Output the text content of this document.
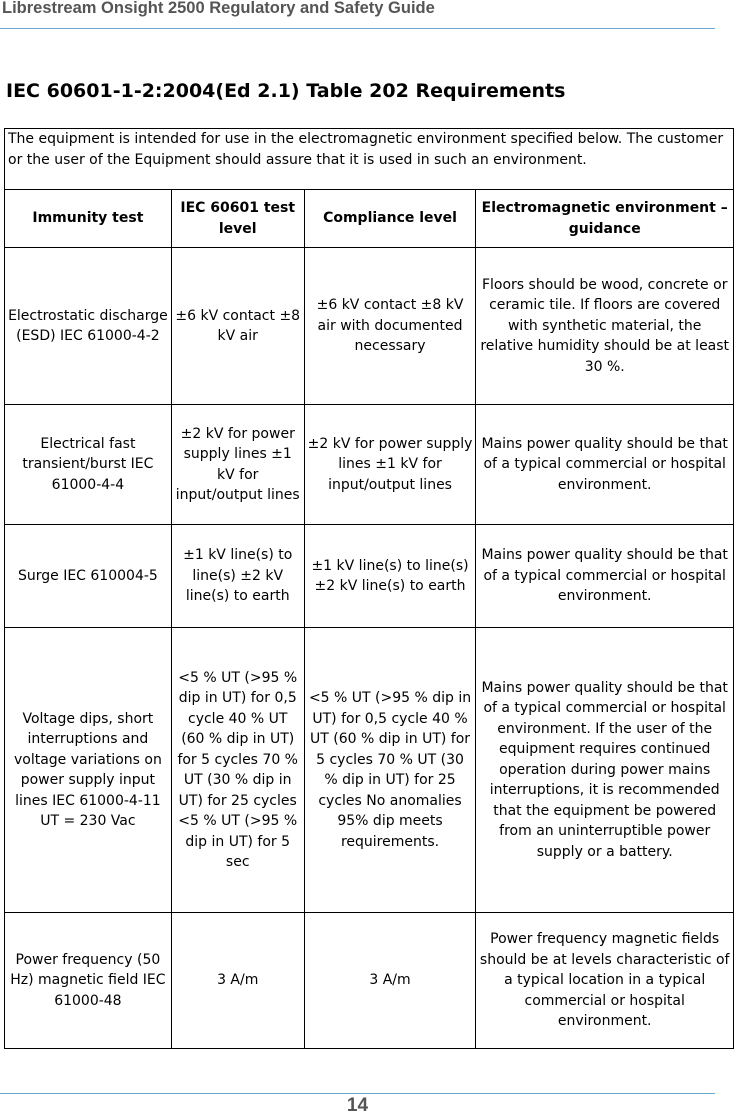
Librestream Onsight 2500 Regulatory and Safety Guide
IEC 60601-1-2:2004(Ed 2.1) Table 202 Requirements
The equipment is intended for use in the electromagnetic environment specified below. The customer or the user of the Equipment should assure that it is used in such an environment.			
Immunity test	IEC 60601 test level	Compliance level	Electromagnetic environment – guidance
Electrostatic discharge (ESD) IEC 61000-4-2	±6 kV contact ±8 kV air	±6 kV contact ±8 kV air with documented necessary	Floors should be wood, concrete or ceramic tile. If floors are covered with synthetic material, the relative humidity should be at least 30 %.
Electrical fast transient/burst IEC 61000-4-4	±2 kV for power supply lines ±1 kV for input/output lines	±2 kV for power supply lines ±1 kV for input/output lines	Mains power quality should be that of a typical commercial or hospital environment.
Surge IEC 610004-5	±1 kV line(s) to line(s) ±2 kV line(s) to earth	±1 kV line(s) to line(s) ±2 kV line(s) to earth	Mains power quality should be that of a typical commercial or hospital environment.
Voltage dips, short interruptions and voltage variations on power supply input lines IEC 61000-4-11 UT = 230 Vac	<5 % UT (>95 % dip in UT) for 0,5 cycle 40 % UT (60 % dip in UT) for 5 cycles 70 % UT (30 % dip in UT) for 25 cycles <5 % UT (>95 % dip in UT) for 5 sec	<5 % UT (>95 % dip in UT) for 0,5 cycle 40 % UT (60 % dip in UT) for 5 cycles 70 % UT (30 % dip in UT) for 25 cycles No anomalies 95% dip meets requirements.	Mains power quality should be that of a typical commercial or hospital environment. If the user of the equipment requires continued operation during power mains interruptions, it is recommended that the equipment be powered from an uninterruptible power supply or a battery.
Power frequency (50 Hz) magnetic field IEC 61000-48	3 A/m	3 A/m	Power frequency magnetic fields should be at levels characteristic of a typical location in a typical commercial or hospital environment.
14
